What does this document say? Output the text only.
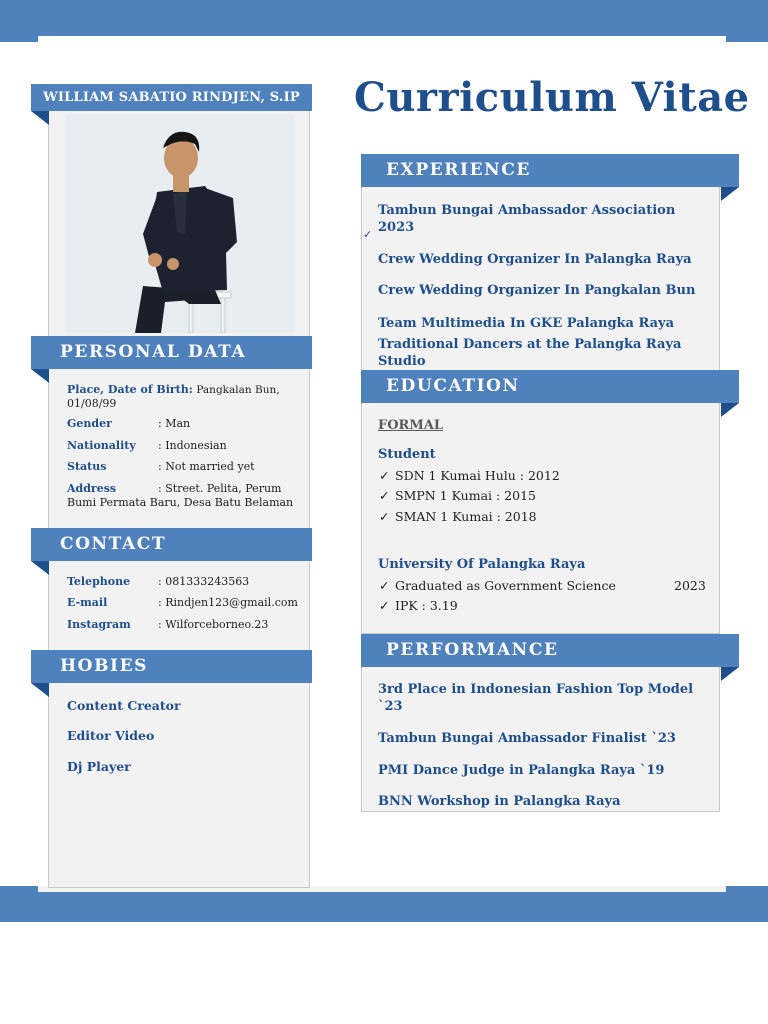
WILLIAM SABATIO RINDJEN, S.IP	Curriculum Vitae
PERSONAL DATA
Place, Date of Birth: Pangkalan Bun,
01/08/99
Gender	: Man
Nationality : Indonesian
Status	: Not married yet
Address	: Street. Pelita, Perum
Bumi Permata Baru, Desa Batu Belaman
CONTACT
Telephone	: 081333243563
E-mail	: Rindjen123@gmail.com
Instagram : Wilforceborneo.23
HOBIES
Content Creator
Editor Video
Dj Player
EXPERIENCE
✓
Tambun Bungai Ambassador Association 2023
Crew Wedding Organizer In Palangka Raya
Crew Wedding Organizer In Pangkalan Bun
Team Multimedia In GKE Palangka Raya
Traditional Dancers at the Palangka Raya Studio
EDUCATION
FORMAL
Student
✓ SDN 1 Kumai Hulu : 2012
✓ SMPN 1 Kumai : 2015
✓ SMAN 1 Kumai : 2018
University Of Palangka Raya
✓ Graduated as Government Science	2023
✓ IPK : 3.19
PERFORMANCE
3rd Place in Indonesian Fashion Top Model `23
Tambun Bungai Ambassador Finalist `23
PMI Dance Judge in Palangka Raya `19
BNN Workshop in Palangka Raya
